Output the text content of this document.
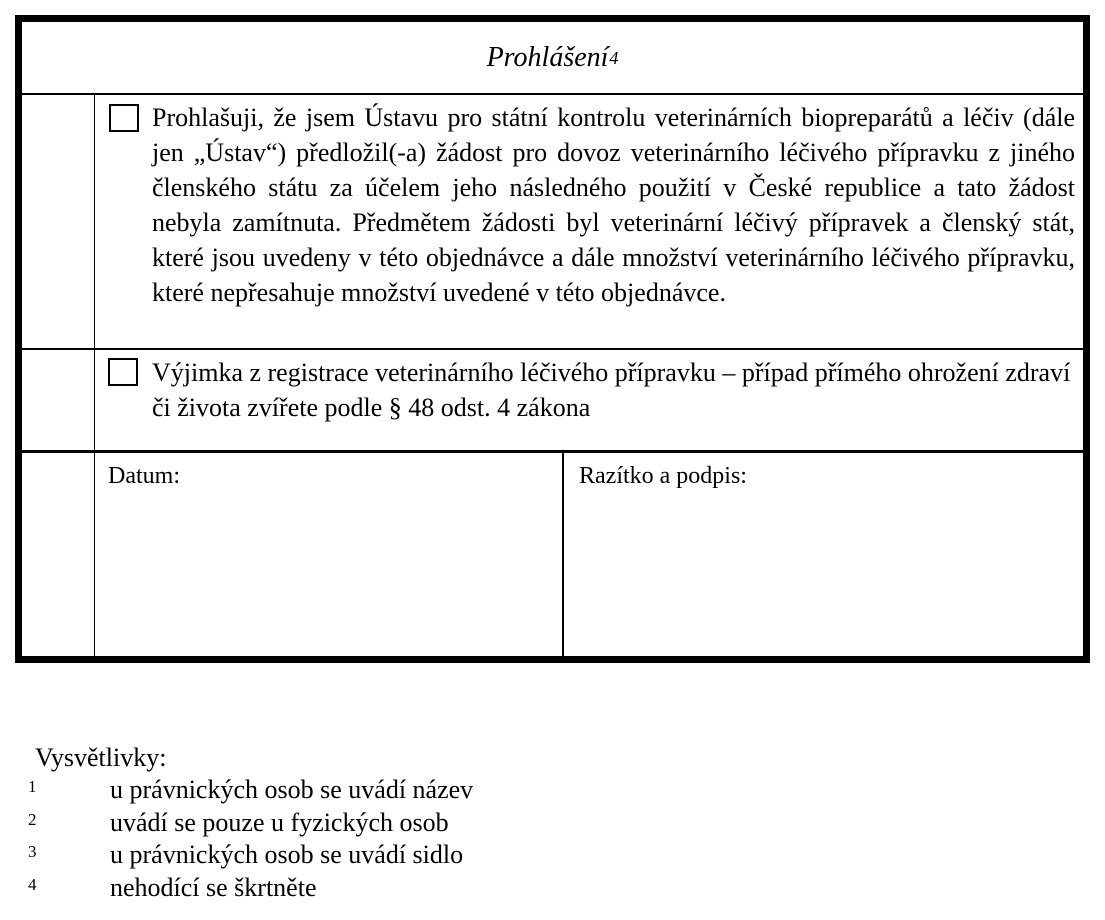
Prohlášení 4

Prohlašuji, že jsem Ústavu pro státní kontrolu veterinárních biopreparátů a léčiv (dále jen „Ústav“) předložil(-a) žádost pro dovoz veterinárního léčivého přípravku z jiného členského státu za účelem jeho následného použití v České republice a tato žádost nebyla zamítnuta. Předmětem žádosti byl veterinární léčivý přípravek a členský stát, které jsou uvedeny v této objednávce a dále množství veterinárního léčivého přípravku, které nepřesahuje množství uvedené v této objednávce.

Výjimka z registrace veterinárního léčivého přípravku – případ přímého ohrožení zdraví či života zvířete podle § 48 odst. 4 zákona

Datum:	Razítko a podpis:
Vysvětlivky:
1	u právnických osob se uvádí název
2	uvádí se pouze u fyzických osob
3	u právnických osob se uvádí sidlo
4	nehodící se škrtněte
